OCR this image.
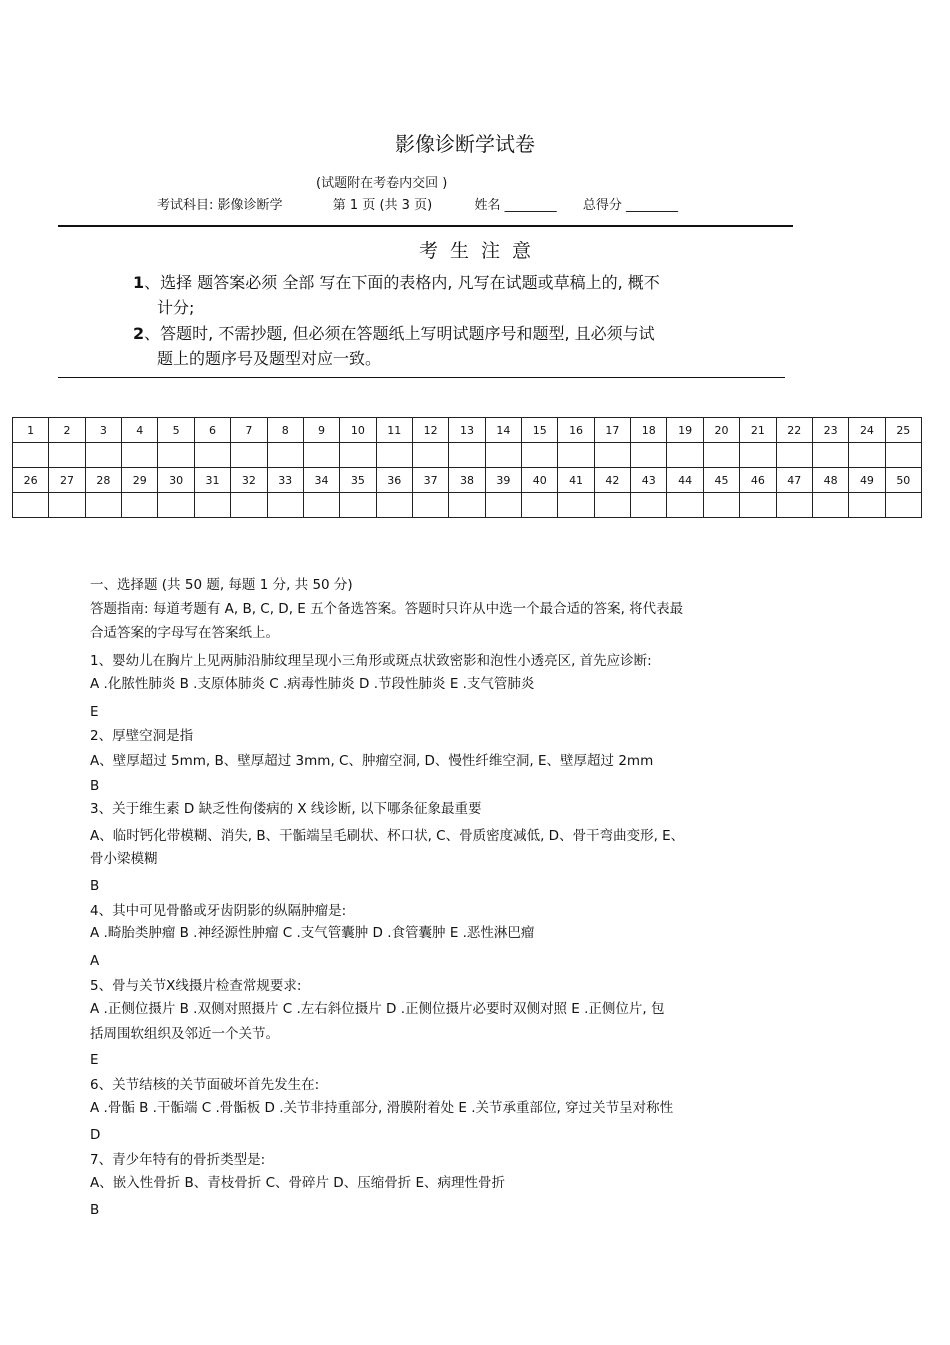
影像诊断学试卷
(试题附在考卷内交回 )
考试科目: 影像诊断学	第 1 页 (共 3 页)	姓名 ________ 总得分 ________
考生注意
1、选择 题答案必须 全部 写在下面的表格内, 凡写在试题或草稿上的, 概不
计分;
2、答题时, 不需抄题, 但必须在答题纸上写明试题序号和题型, 且必须与试
题上的题序号及题型对应一致。
1	2	3	4	5	6	7	8	9	10	11	12	13	14	15	16	17	18	19	20	21	22	23	24	25

26	27	28	29	30	31	32	33	34	35	36	37	38	39	40	41	42	43	44	45	46	47	48	49	50

一、选择题 (共 50 题, 每题 1 分, 共 50 分)
答题指南: 每道考题有 A, B, C, D, E 五个备选答案。答题时只许从中选一个最合适的答案, 将代表最
合适答案的字母写在答案纸上。
1、婴幼儿在胸片上见两肺沿肺纹理呈现小三角形或斑点状致密影和泡性小透亮区, 首先应诊断:
A .化脓性肺炎 B .支原体肺炎 C .病毒性肺炎 D .节段性肺炎 E .支气管肺炎
E
2、厚壁空洞是指
A、壁厚超过 5mm, B、壁厚超过 3mm, C、肿瘤空洞, D、慢性纤维空洞, E、壁厚超过 2mm
B
3、关于维生素 D 缺乏性佝偻病的 X 线诊断, 以下哪条征象最重要
A、临时钙化带模糊、消失, B、干骺端呈毛刷状、杯口状, C、骨质密度减低, D、骨干弯曲变形, E、
骨小梁模糊
B
4、其中可见骨骼或牙齿阴影的纵隔肿瘤是:
A .畸胎类肿瘤 B .神经源性肿瘤 C .支气管囊肿 D .食管囊肿 E .恶性淋巴瘤
A
5、骨与关节X线摄片检查常规要求:
A .正侧位摄片 B .双侧对照摄片 C .左右斜位摄片 D .正侧位摄片必要时双侧对照 E .正侧位片, 包
括周围软组织及邻近一个关节。
E
6、关节结核的关节面破坏首先发生在:
A .骨骺 B .干骺端 C .骨骺板 D .关节非持重部分, 滑膜附着处 E .关节承重部位, 穿过关节呈对称性
D
7、青少年特有的骨折类型是:
A、嵌入性骨折 B、青枝骨折 C、骨碎片 D、压缩骨折 E、病理性骨折
B
